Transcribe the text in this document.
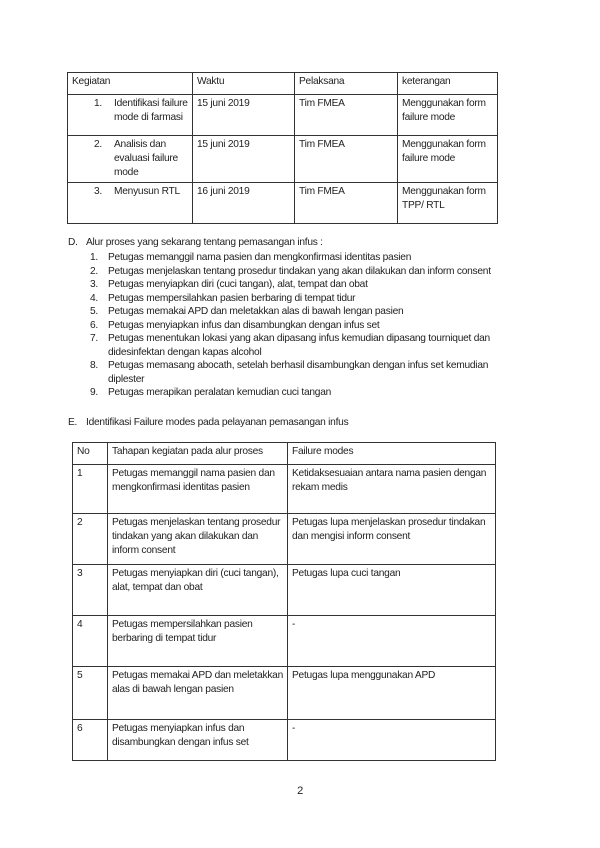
Kegiatan	Waktu	Pelaksana	keterangan

1. Identifikasi failure mode di farmasi	15 juni 2019	Tim FMEA	Menggunakan form failure mode

2. Analisis dan evaluasi failure mode	15 juni 2019	Tim FMEA	Menggunakan form failure mode

3. Menyusun RTL	16 juni 2019	Tim FMEA	Menggunakan form TPP/ RTL
D. Alur proses yang sekarang tentang pemasangan infus :
1. Petugas memanggil nama pasien dan mengkonfirmasi identitas pasien
2. Petugas menjelaskan tentang prosedur tindakan yang akan dilakukan dan inform consent
3. Petugas menyiapkan diri (cuci tangan), alat, tempat dan obat
4. Petugas mempersilahkan pasien berbaring di tempat tidur
5. Petugas memakai APD dan meletakkan alas di bawah lengan pasien
6. Petugas menyiapkan infus dan disambungkan dengan infus set
7. Petugas menentukan lokasi yang akan dipasang infus kemudian dipasang tourniquet dan didesinfektan dengan kapas alcohol
8. Petugas memasang abocath, setelah berhasil disambungkan dengan infus set kemudian diplester
9. Petugas merapikan peralatan kemudian cuci tangan
E. Identifikasi Failure modes pada pelayanan pemasangan infus
No	Tahapan kegiatan pada alur proses	Failure modes
1	Petugas memanggil nama pasien dan mengkonfirmasi identitas pasien	Ketidaksesuaian antara nama pasien dengan rekam medis
2	Petugas menjelaskan tentang prosedur tindakan yang akan dilakukan dan inform consent	Petugas lupa menjelaskan prosedur tindakan dan mengisi inform consent
3	Petugas menyiapkan diri (cuci tangan), alat, tempat dan obat	Petugas lupa cuci tangan
4	Petugas mempersilahkan pasien berbaring di tempat tidur	-
5	Petugas memakai APD dan meletakkan alas di bawah lengan pasien	Petugas lupa menggunakan APD
6	Petugas menyiapkan infus dan disambungkan dengan infus set	-
2
